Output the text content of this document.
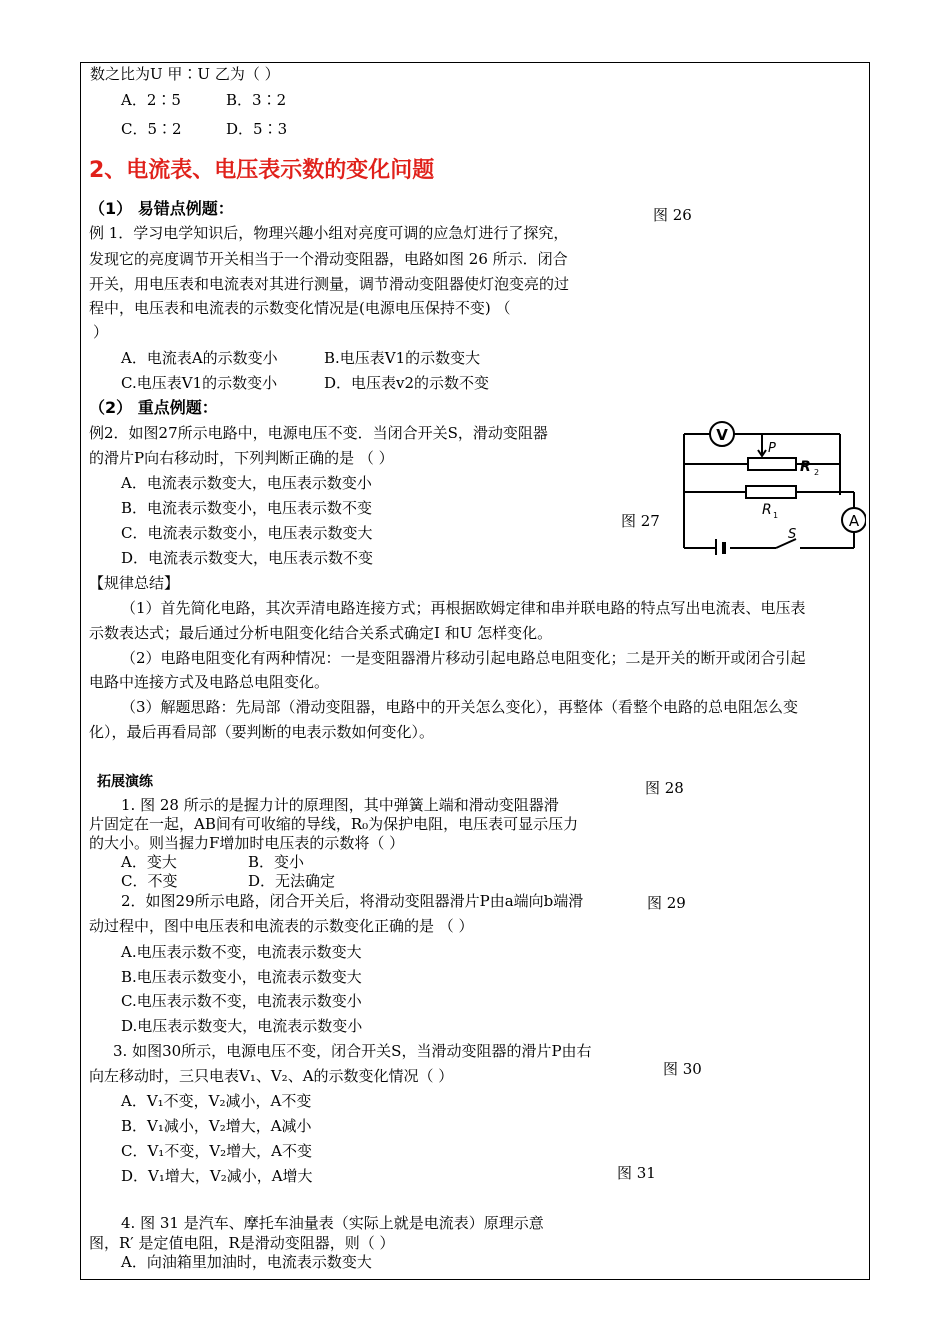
数之比为U 甲∶U 乙为（ ）
A．2∶5	B．3∶2
C．5∶2	D．5∶3
2、电流表、电压表示数的变化问题
（1） 易错点例题：	图 26
例 1．学习电学知识后，物理兴趣小组对亮度可调的应急灯进行了探究，
发现它的亮度调节开关相当于一个滑动变阻器，电路如图 26 所示．闭合
开关，用电压表和电流表对其进行测量，调节滑动变阻器使灯泡变亮的过
程中，电压表和电流表的示数变化情况是(电源电压保持不变) （
）
A．电流表A的示数变小	B.电压表V1的示数变大
C.电压表V1的示数变小	D．电压表v2的示数不变
（2） 重点例题：
例2．如图27所示电路中，电源电压不变．当闭合开关S，滑动变阻器
的滑片P向右移动时，下列判断正确的是 （ ）
A．电流表示数变大，电压表示数变小
B．电流表示数变小，电压表示数不变
C．电流表示数变小，电压表示数变大
D．电流表示数变大，电压表示数不变
图 27
V
A
P
R 2
R 1
S
【规律总结】
（1）首先简化电路，其次弄清电路连接方式；再根据欧姆定律和串并联电路的特点写出电流表、电压表
示数表达式；最后通过分析电阻变化结合关系式确定I 和U 怎样变化。
（2）电路电阻变化有两种情况：一是变阻器滑片移动引起电路总电阻变化；二是开关的断开或闭合引起
电路中连接方式及电路总电阻变化。
（3）解题思路：先局部（滑动变阻器，电路中的开关怎么变化），再整体（看整个电路的总电阻怎么变
化），最后再看局部（要判断的电表示数如何变化）。
拓展演练	图 28
1. 图 28 所示的是握力计的原理图，其中弹簧上端和滑动变阻器滑
片固定在一起，AB间有可收缩的导线，R₀为保护电阻，电压表可显示压力
的大小。则当握力F增加时电压表的示数将（ ）
A．变大	B．变小
C．不变	D．无法确定
图 29
2．如图29所示电路，闭合开关后，将滑动变阻器滑片P由a端向b端滑
动过程中，图中电压表和电流表的示数变化正确的是 （ ）
A.电压表示数不变，电流表示数变大
B.电压表示数变小，电流表示数变大
C.电压表示数不变，电流表示数变小
D.电压表示数变大，电流表示数变小
3. 如图30所示，电源电压不变，闭合开关S，当滑动变阻器的滑片P由右
向左移动时，三只电表V₁、V₂、A的示数变化情况（ ）	图 30
A．V₁不变，V₂减小，A不变
B．V₁减小，V₂增大，A减小
C．V₁不变，V₂增大，A不变
D．V₁增大，V₂减小，A增大	图 31
4. 图 31 是汽车、摩托车油量表（实际上就是电流表）原理示意
图，R′ 是定值电阻，R是滑动变阻器，则（ ）
A．向油箱里加油时，电流表示数变大
